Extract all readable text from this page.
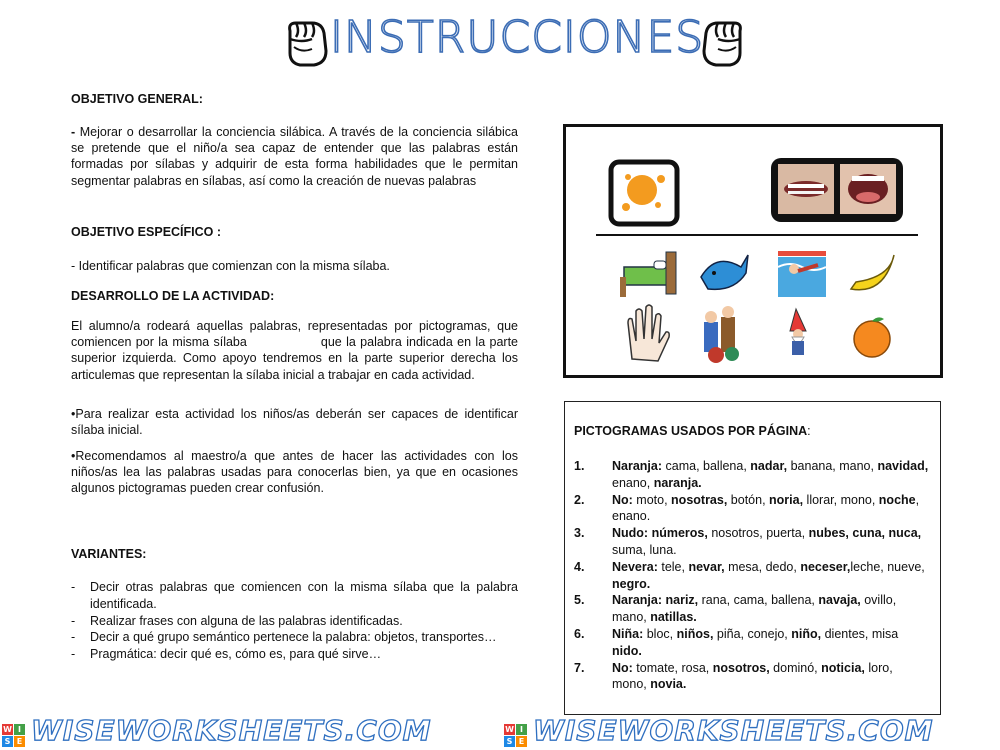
INSTRUCCIONES
OBJETIVO GENERAL:
- Mejorar o desarrollar la conciencia silábica. A través de la conciencia silábica se pretende que el niño/a sea capaz de entender que las palabras están formadas por sílabas y adquirir de esta forma habilidades que le permitan segmentar palabras en sílabas, así como la creación de nuevas palabras
OBJETIVO ESPECÍFICO :
- Identificar palabras que comienzan con la misma sílaba.
DESARROLLO DE LA ACTIVIDAD:
El alumno/a rodeará aquellas palabras, representadas por pictogramas, que comiencen por la misma sílaba                 que la palabra indicada en la parte superior izquierda. Como apoyo tendremos en la parte superior derecha los articulemas que representan la sílaba inicial a trabajar en cada actividad.
•Para realizar esta actividad los niños/as deberán ser capaces de identificar sílaba inicial.
•Recomendamos al maestro/a que antes de hacer las actividades con los niños/as lea las palabras usadas para conocerlas bien, ya que en ocasiones algunos pictogramas pueden crear confusión.
VARIANTES:
- Decir otras palabras que comiencen con la misma sílaba que la palabra identificada.
- Realizar frases con alguna de las palabras identificadas.
- Decir a qué grupo semántico pertenece la palabra: objetos, transportes…
- Pragmática: decir qué es, cómo es, para qué sirve…
PICTOGRAMAS USADOS POR PÁGINA:
1. Naranja: cama, ballena, nadar, banana, mano, navidad, enano, naranja.
2. No: moto, nosotras, botón, noria, llorar, mono, noche, enano.
3. Nudo: números, nosotros, puerta, nubes, cuna, nuca, suma, luna.
4. Nevera: tele, nevar, mesa, dedo, neceser,leche, nueve, negro.
5. Naranja: nariz, rana, cama, ballena, navaja, ovillo, mano, natillas.
6. Niña: bloc, niños, piña, conejo, niño, dientes, misa nido.
7. No: tomate, rosa, nosotros, dominó, noticia, loro, mono, novia.
W I
S E WISEWORKSHEETS.COM	W I
S E WISEWORKSHEETS.COM
